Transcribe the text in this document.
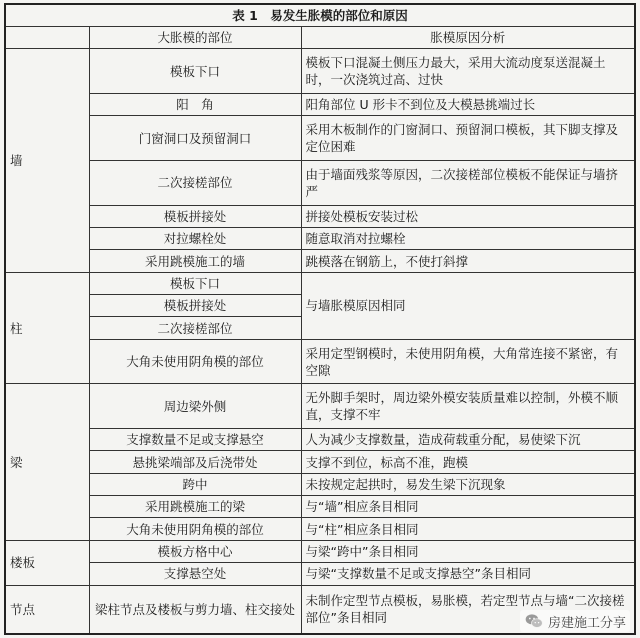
表 1　易发生胀模的部位和原因		
	大胀模的部位	胀模原因分析
墙	模板下口	模板下口混凝土侧压力最大，采用大流动度泵送混凝土时，一次浇筑过高、过快
	阳　角	阳角部位 U 形卡不到位及大模悬挑端过长
	门窗洞口及预留洞口	采用木板制作的门窗洞口、预留洞口模板，其下脚支撑及定位困难
	二次接槎部位	由于墙面残浆等原因，二次接槎部位模板不能保证与墙挤严
	模板拼接处	拼接处模板安装过松
	对拉螺栓处	随意取消对拉螺栓
	采用跳模施工的墙	跳模落在钢筋上，不使打斜撑
柱	模板下口	与墙胀模原因相同
	模板拼接处	
	二次接槎部位	
	大角未使用阴角模的部位	采用定型钢模时，未使用阴角模，大角常连接不紧密，有空隙
梁	周边梁外侧	无外脚手架时，周边梁外模安装质量难以控制，外模不顺直，支撑不牢
	支撑数量不足或支撑悬空	人为减少支撑数量，造成荷载重分配，易使梁下沉
	悬挑梁端部及后浇带处	支撑不到位，标高不准，跑模
	跨中	未按规定起拱时，易发生梁下沉现象
	采用跳模施工的梁	与“墙”相应条目相同
	大角未使用阴角模的部位	与“柱”相应条目相同
楼板	模板方格中心	与梁“跨中”条目相同
	支撑悬空处	与梁“支撑数量不足或支撑悬空”条目相同
节点	梁柱节点及楼板与剪力墙、柱交接处	未制作定型节点模板，易胀模，若定型节点与墙“二次接槎部位”条目相同	房建施工分享
